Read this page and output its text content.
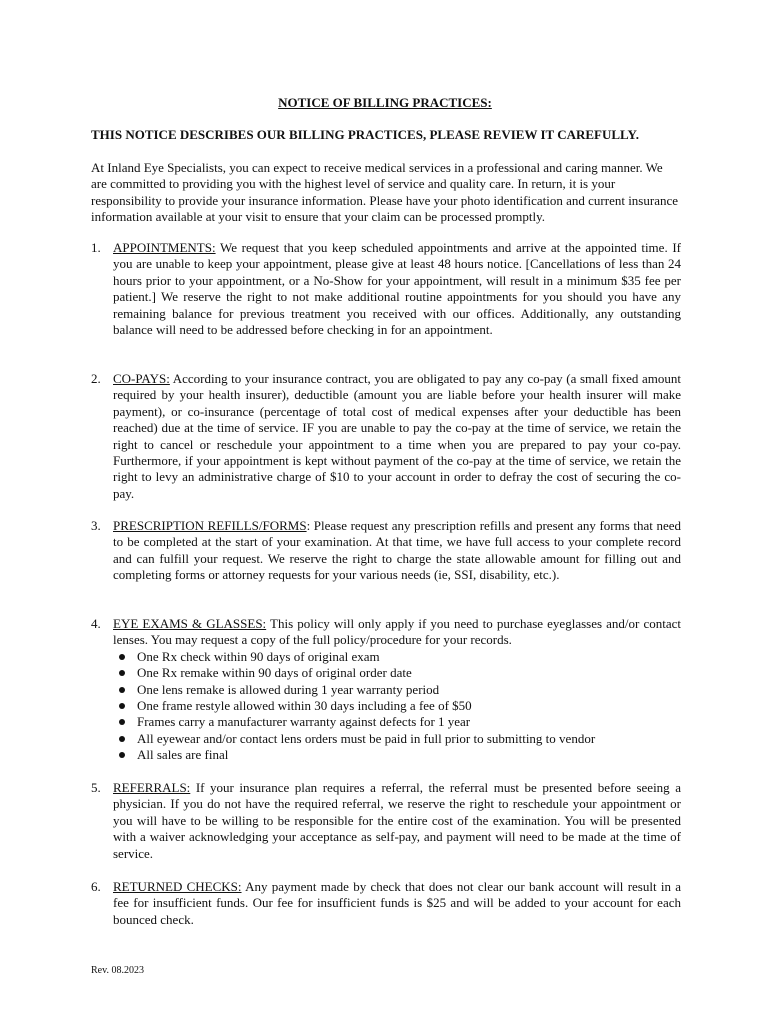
NOTICE OF BILLING PRACTICES:

THIS NOTICE DESCRIBES OUR BILLING PRACTICES, PLEASE REVIEW IT CAREFULLY.

At Inland Eye Specialists, you can expect to receive medical services in a professional and caring manner. We are committed to providing you with the highest level of service and quality care. In return, it is your responsibility to provide your insurance information. Please have your photo identification and current insurance information available at your visit to ensure that your claim can be processed promptly.

1. APPOINTMENTS: We request that you keep scheduled appointments and arrive at the appointed time. If you are unable to keep your appointment, please give at least 48 hours notice. [Cancellations of less than 24 hours prior to your appointment, or a No-Show for your appointment, will result in a minimum $35 fee per patient.] We reserve the right to not make additional routine appointments for you should you have any remaining balance for previous treatment you received with our offices. Additionally, any outstanding balance will need to be addressed before checking in for an appointment.
2. CO-PAYS: According to your insurance contract, you are obligated to pay any co-pay (a small fixed amount required by your health insurer), deductible (amount you are liable before your health insurer will make payment), or co-insurance (percentage of total cost of medical expenses after your deductible has been reached) due at the time of service. IF you are unable to pay the co-pay at the time of service, we retain the right to cancel or reschedule your appointment to a time when you are prepared to pay your co-pay. Furthermore, if your appointment is kept without payment of the co-pay at the time of service, we retain the right to levy an administrative charge of $10 to your account in order to defray the cost of securing the co-pay.
3. PRESCRIPTION REFILLS/FORMS: Please request any prescription refills and present any forms that need to be completed at the start of your examination. At that time, we have full access to your complete record and can fulfill your request. We reserve the right to charge the state allowable amount for filling out and completing forms or attorney requests for your various needs (ie, SSI, disability, etc.).
4. EYE EXAMS & GLASSES: This policy will only apply if you need to purchase eyeglasses and/or contact lenses. You may request a copy of the full policy/procedure for your records.
One Rx check within 90 days of original exam
One Rx remake within 90 days of original order date
One lens remake is allowed during 1 year warranty period
One frame restyle allowed within 30 days including a fee of $50
Frames carry a manufacturer warranty against defects for 1 year
All eyewear and/or contact lens orders must be paid in full prior to submitting to vendor
All sales are final
5. REFERRALS: If your insurance plan requires a referral, the referral must be presented before seeing a physician. If you do not have the required referral, we reserve the right to reschedule your appointment or you will have to be willing to be responsible for the entire cost of the examination. You will be presented with a waiver acknowledging your acceptance as self-pay, and payment will need to be made at the time of service.
6. RETURNED CHECKS: Any payment made by check that does not clear our bank account will result in a fee for insufficient funds. Our fee for insufficient funds is $25 and will be added to your account for each bounced check.
Rev. 08.2023
